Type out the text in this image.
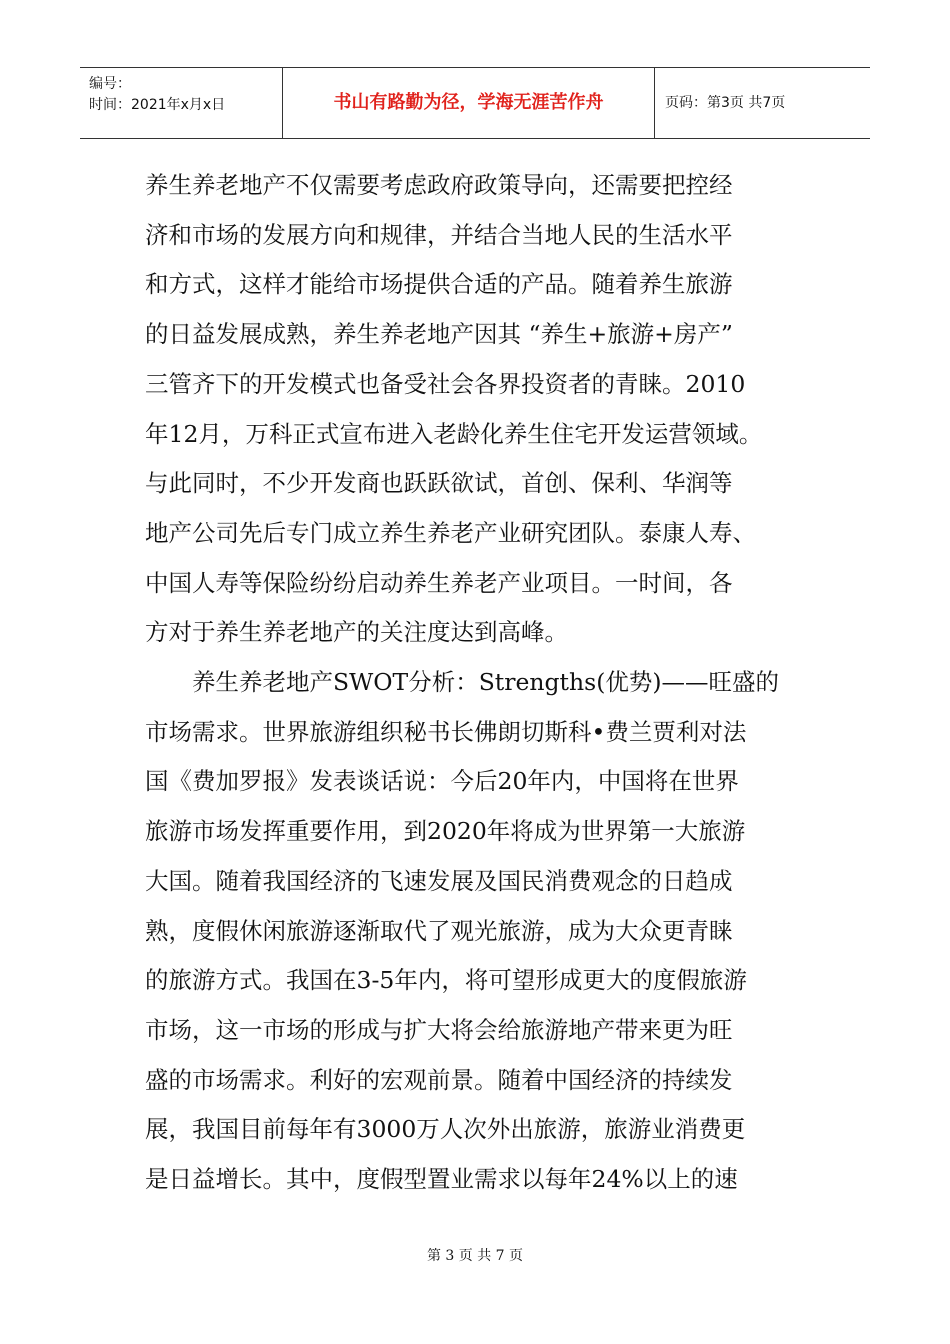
编号：
时间：2021年x月x日	书山有路勤为径，学海无涯苦作舟	页码：第3页 共7页

养生养老地产不仅需要考虑政府政策导向，还需要把控经

济和市场的发展方向和规律，并结合当地人民的生活水平

和方式，这样才能给市场提供合适的产品。随着养生旅游

的日益发展成熟，养生养老地产因其 “养生+旅游+房产”

三管齐下的开发模式也备受社会各界投资者的青睐。2010

年12月，万科正式宣布进入老龄化养生住宅开发运营领域。

与此同时，不少开发商也跃跃欲试，首创、保利、华润等

地产公司先后专门成立养生养老产业研究团队。泰康人寿、

中国人寿等保险纷纷启动养生养老产业项目。一时间，各

方对于养生养老地产的关注度达到高峰。

养生养老地产SWOT分析：Strengths(优势)——旺盛的

市场需求。世界旅游组织秘书长佛朗切斯科•费兰贾利对法

国《费加罗报》发表谈话说：今后20年内，中国将在世界

旅游市场发挥重要作用，到2020年将成为世界第一大旅游

大国。随着我国经济的飞速发展及国民消费观念的日趋成

熟，度假休闲旅游逐渐取代了观光旅游，成为大众更青睐

的旅游方式。我国在3-5年内，将可望形成更大的度假旅游

市场，这一市场的形成与扩大将会给旅游地产带来更为旺

盛的市场需求。利好的宏观前景。随着中国经济的持续发

展，我国目前每年有3000万人次外出旅游，旅游业消费更

是日益增长。其中，度假型置业需求以每年24%以上的速

第 3 页 共 7 页
